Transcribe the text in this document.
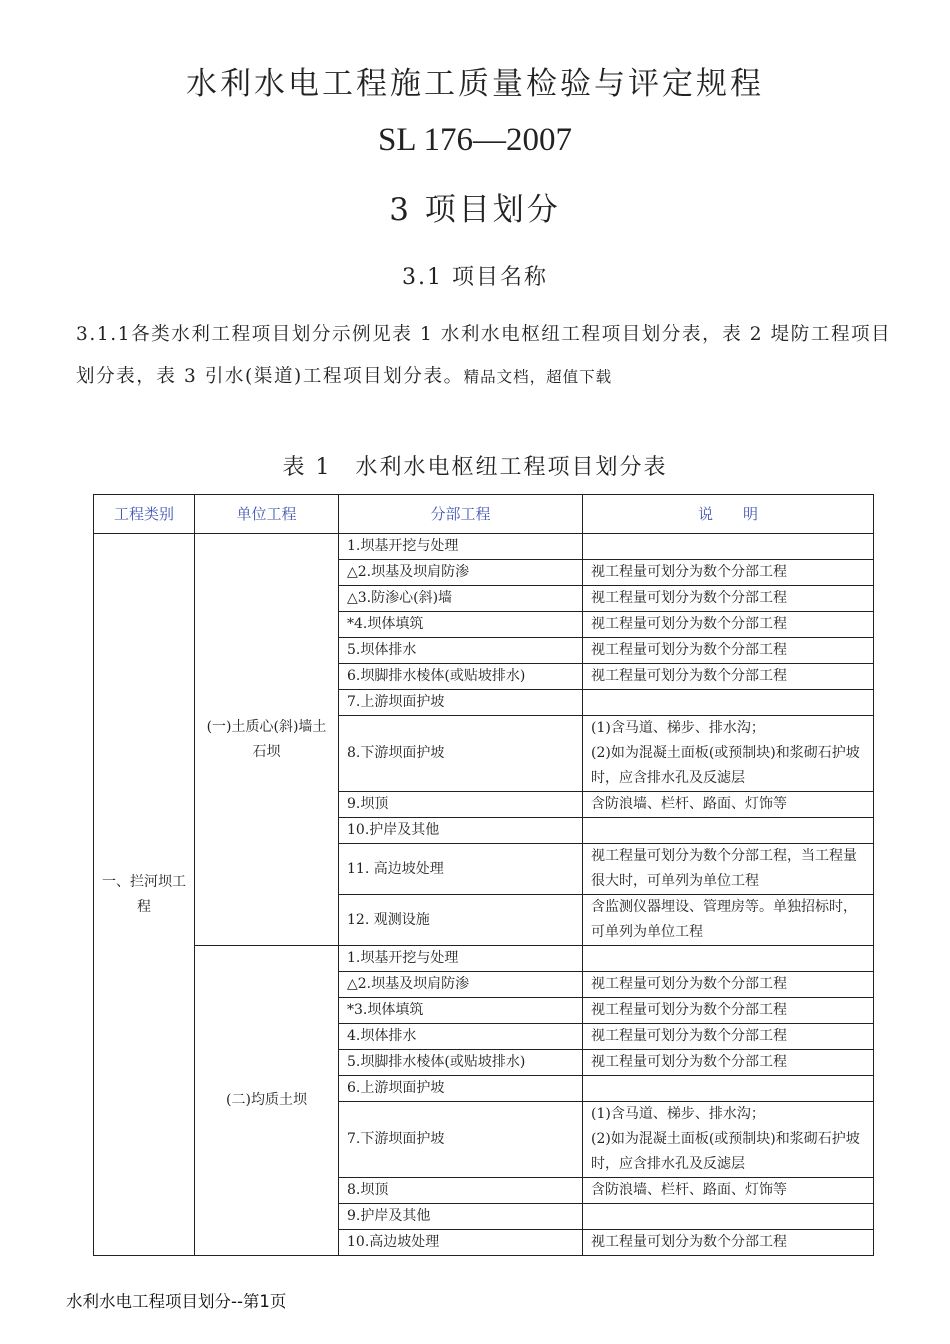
水利水电工程施工质量检验与评定规程
SL 176—2007
3 项目划分
3.1 项目名称
3.1.1各类水利工程项目划分示例见表 1 水利水电枢纽工程项目划分表，表 2 堤防工程项目划分表，表 3 引水(渠道)工程项目划分表。精品文档，超值下载
表 1　水利水电枢纽工程项目划分表
工程类别	单位工程	分部工程	说　　明
一、拦河坝工程	(一)土质心(斜)墙土石坝	1.坝基开挖与处理	
		△2.坝基及坝肩防渗	视工程量可划分为数个分部工程
		△3.防渗心(斜)墙	视工程量可划分为数个分部工程
		*4.坝体填筑	视工程量可划分为数个分部工程
		5.坝体排水	视工程量可划分为数个分部工程
		6.坝脚排水棱体(或贴坡排水)	视工程量可划分为数个分部工程
		7.上游坝面护坡	
		8.下游坝面护坡	(1)含马道、梯步、排水沟；
(2)如为混凝土面板(或预制块)和浆砌石护坡时，应含排水孔及反滤层
		9.坝顶	含防浪墙、栏杆、路面、灯饰等
		10.护岸及其他	
		11. 高边坡处理	视工程量可划分为数个分部工程，当工程量很大时，可单列为单位工程
		12. 观测设施	含监测仪器埋设、管理房等。单独招标时，可单列为单位工程
	(二)均质土坝	1.坝基开挖与处理	
		△2.坝基及坝肩防渗	视工程量可划分为数个分部工程
		*3.坝体填筑	视工程量可划分为数个分部工程
		4.坝体排水	视工程量可划分为数个分部工程
		5.坝脚排水棱体(或贴坡排水)	视工程量可划分为数个分部工程
		6.上游坝面护坡	
		7.下游坝面护坡	(1)含马道、梯步、排水沟；
(2)如为混凝土面板(或预制块)和浆砌石护坡时，应含排水孔及反滤层
		8.坝顶	含防浪墙、栏杆、路面、灯饰等
		9.护岸及其他	
		10.高边坡处理	视工程量可划分为数个分部工程
水利水电工程项目划分--第1页
